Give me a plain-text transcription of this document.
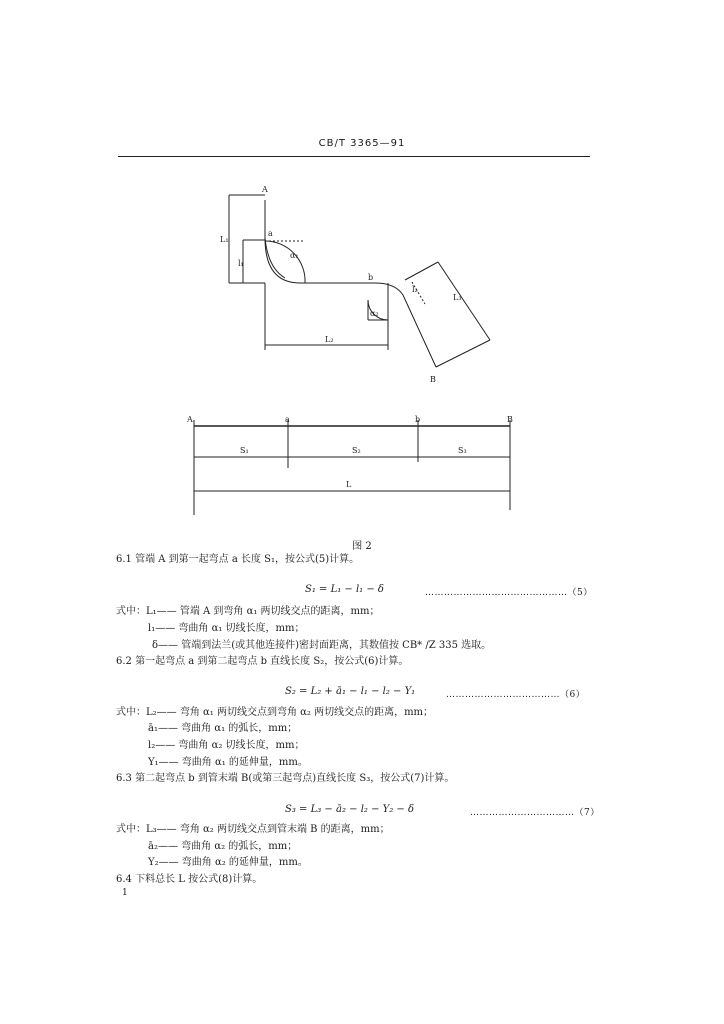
CB/T 3365—91
A
L₁
l₁
a
α₁
b
α₂
L₂
L₃
l₂
B
A	a	b	B
S₁	S₂	S₃
L
图 2
6.1 管端 A 到第一起弯点 a 长度 S₁，按公式(5)计算。
S₁ = L₁ − l₁ − δ	………………………………………（5）
式中：L₁—— 管端 A 到弯角 α₁ 两切线交点的距离，mm；
l₁—— 弯曲角 α₁ 切线长度，mm；
δ—— 管端到法兰(或其他连接件)密封面距离，其数值按 CB* /Z 335 选取。
6.2 第一起弯点 a 到第二起弯点 b 直线长度 S₂，按公式(6)计算。
S₂ = L₂ + ā₁ − l₁ − l₂ − Y₁	………………………………（6）
式中：L₂—— 弯角 α₁ 两切线交点到弯角 α₂ 两切线交点的距离，mm；
ā₁—— 弯曲角 α₁ 的弧长，mm；
l₂—— 弯曲角 α₂ 切线长度，mm；
Y₁—— 弯曲角 α₁ 的延伸量，mm。
6.3 第二起弯点 b 到管末端 B(或第三起弯点)直线长度 S₃，按公式(7)计算。
S₃ = L₃ − ā₂ − l₂ − Y₂ − δ	……………………………（7）
式中：L₃—— 弯角 α₂ 两切线交点到管末端 B 的距离，mm；
ā₂—— 弯曲角 α₂ 的弧长，mm；
Y₂—— 弯曲角 α₂ 的延伸量，mm。
6.4 下料总长 L 按公式(8)计算。
1
